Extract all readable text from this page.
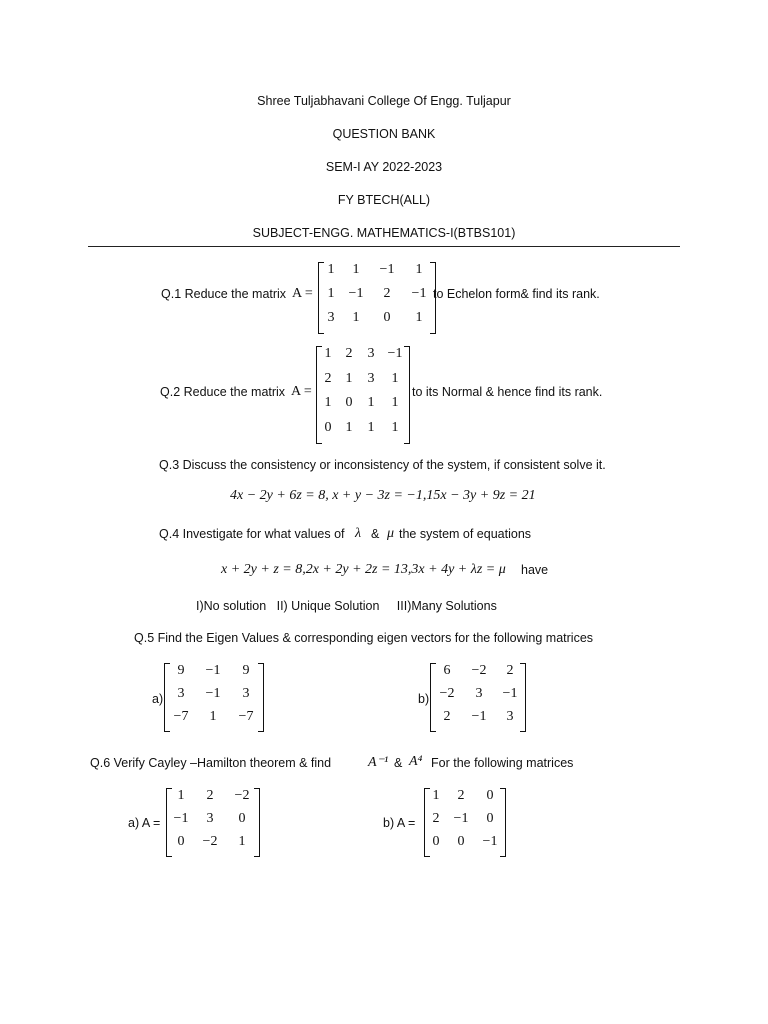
Shree Tuljabhavani College Of Engg. Tuljapur
QUESTION BANK
SEM-I AY 2022-2023
FY BTECH(ALL)
SUBJECT-ENGG. MATHEMATICS-I(BTBS101)
Q.1 Reduce the matrix A =
1	1	−1	1
1	−1	2	−1
3	1	0	1
to Echelon form& find its rank.
Q.2 Reduce the matrix A =
1	2	3 −1
2	1	3	1
1	0	1	1
0	1	1	1
to its Normal & hence find its rank.
Q.3 Discuss the consistency or inconsistency of the system, if consistent solve it.
4x − 2y + 6z = 8, x + y − 3z = −1,15x − 3y + 9z = 21
Q.4 Investigate for what values of λ & μ the system of equations
x + 2y + z = 8,2x + 2y + 2z = 13,3x + 4y + λz = μ have
I)No solution   II) Unique Solution     III)Many Solutions
Q.5 Find the Eigen Values & corresponding eigen vectors for the following matrices
a)
9	−1	9
3	−1	3
−7	1	−7
b)
6	−2	2
−2	3	−1
2	−1	3
Q.6 Verify Cayley –Hamilton theorem & find	A⁻¹ & A⁴ For the following matrices
a) A =
1	2	−2
−1	3	0
0	−2	1
b) A =
1	2	0
2	−1	0
0	0	−1
